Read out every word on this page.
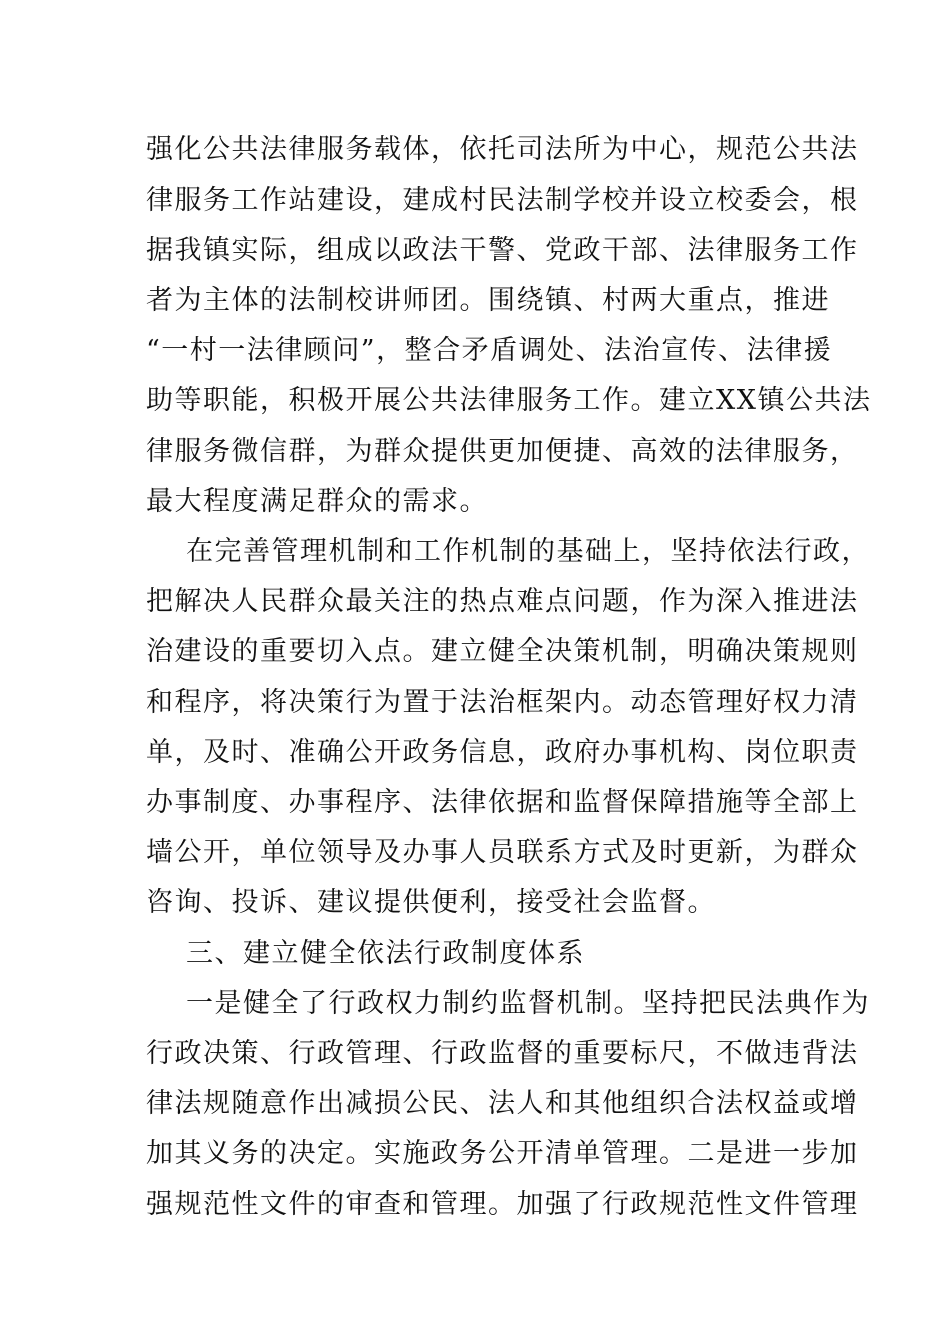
强化公共法律服务载体，依托司法所为中心，规范公共法
律服务工作站建设，建成村民法制学校并设立校委会，根
据我镇实际，组成以政法干警、党政干部、法律服务工作
者为主体的法制校讲师团。围绕镇、村两大重点，推进
“一村一法律顾问”，整合矛盾调处、法治宣传、法律援
助等职能，积极开展公共法律服务工作。建立XX镇公共法
律服务微信群，为群众提供更加便捷、高效的法律服务，
最大程度满足群众的需求。
在完善管理机制和工作机制的基础上，坚持依法行政，
把解决人民群众最关注的热点难点问题，作为深入推进法
治建设的重要切入点。建立健全决策机制，明确决策规则
和程序，将决策行为置于法治框架内。动态管理好权力清
单，及时、准确公开政务信息，政府办事机构、岗位职责
办事制度、办事程序、法律依据和监督保障措施等全部上
墙公开，单位领导及办事人员联系方式及时更新，为群众
咨询、投诉、建议提供便利，接受社会监督。
三、建立健全依法行政制度体系
一是健全了行政权力制约监督机制。坚持把民法典作为
行政决策、行政管理、行政监督的重要标尺，不做违背法
律法规随意作出减损公民、法人和其他组织合法权益或增
加其义务的决定。实施政务公开清单管理。二是进一步加
强规范性文件的审查和管理。加强了行政规范性文件管理
